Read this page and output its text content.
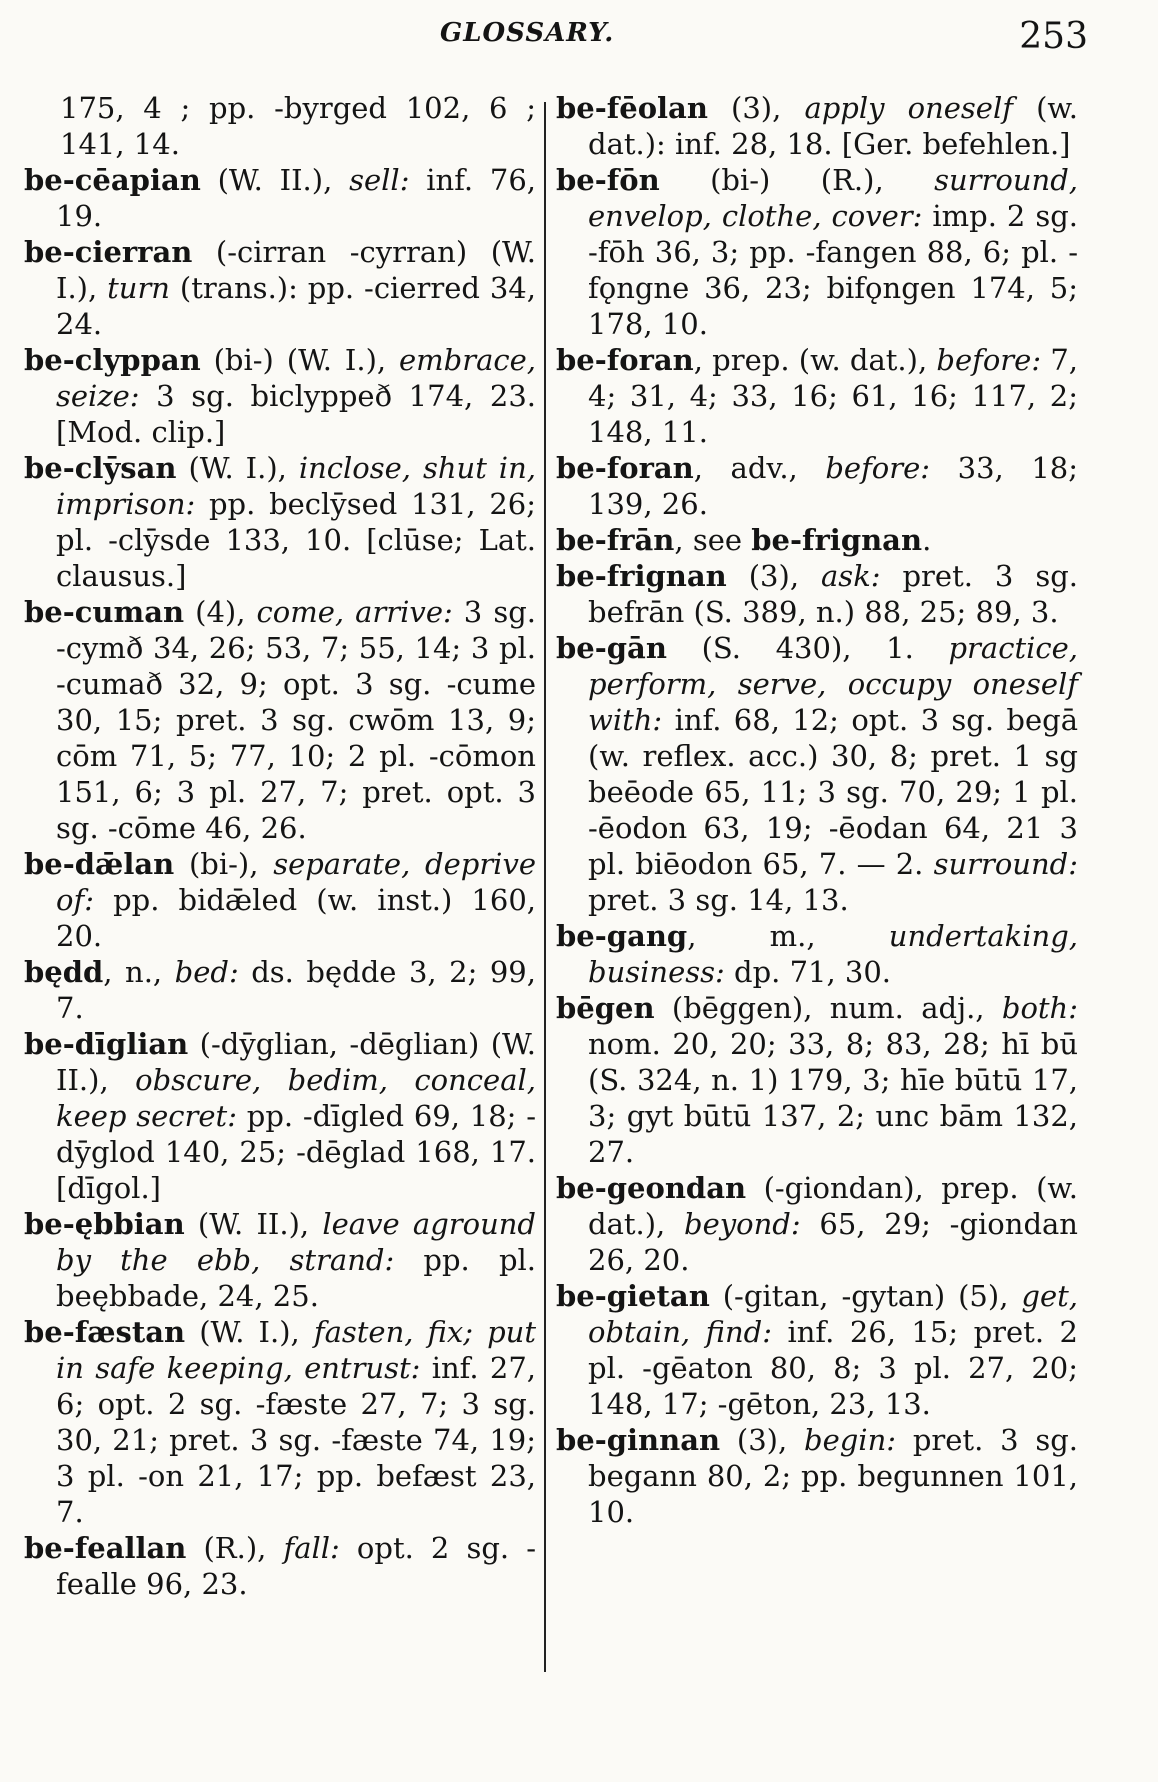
GLOSSARY.	253

175, 4 ; pp. -byrged 102, 6 ; 141, 14.

be-cēapian (W. II.), sell: inf. 76, 19.

be-cierran (-cirran -cyrran) (W. I.), turn (trans.): pp. -cierred 34, 24.

be-clyppan (bi-) (W. I.), embrace, seize: 3 sg. biclyppeð 174, 23. [Mod. clip.]

be-clȳsan (W. I.), inclose, shut in, imprison: pp. beclȳsed 131, 26; pl. -clȳsde 133, 10. [clūse; Lat. clausus.]

be-cuman (4), come, arrive: 3 sg. -cymð 34, 26; 53, 7; 55, 14; 3 pl. -cumað 32, 9; opt. 3 sg. -cume 30, 15; pret. 3 sg. cwōm 13, 9; cōm 71, 5; 77, 10; 2 pl. -cōmon 151, 6; 3 pl. 27, 7; pret. opt. 3 sg. -cōme 46, 26.

be-dǣlan (bi-), separate, deprive of: pp. bidǣled (w. inst.) 160, 20.

będd, n., bed: ds. będde 3, 2; 99, 7.

be-dīglian (-dȳglian, -dēglian) (W. II.), obscure, bedim, conceal, keep secret: pp. -dīgled 69, 18; -dȳglod 140, 25; -dēglad 168, 17. [dīgol.]

be-ębbian (W. II.), leave aground by the ebb, strand: pp. pl. beębbade, 24, 25.

be-fæstan (W. I.), fasten, fix; put in safe keeping, entrust: inf. 27, 6; opt. 2 sg. -fæste 27, 7; 3 sg. 30, 21; pret. 3 sg. -fæste 74, 19; 3 pl. -on 21, 17; pp. befæst 23, 7.

be-feallan (R.), fall: opt. 2 sg. -fealle 96, 23.

be-fēolan (3), apply oneself (w. dat.): inf. 28, 18. [Ger. befehlen.]

be-fōn (bi-) (R.), surround, envelop, clothe, cover: imp. 2 sg. -fōh 36, 3; pp. -fangen 88, 6; pl. -fǫngne 36, 23; bifǫngen 174, 5; 178, 10.

be-foran, prep. (w. dat.), before: 7, 4; 31, 4; 33, 16; 61, 16; 117, 2; 148, 11.

be-foran, adv., before: 33, 18; 139, 26.

be-frān, see be-frignan.

be-frignan (3), ask: pret. 3 sg. befrān (S. 389, n.) 88, 25; 89, 3.

be-gān (S. 430), 1. practice, perform, serve, occupy oneself with: inf. 68, 12; opt. 3 sg. begā (w. reflex. acc.) 30, 8; pret. 1 sg beēode 65, 11; 3 sg. 70, 29; 1 pl. -ēodon 63, 19; -ēodan 64, 21 3 pl. biēodon 65, 7. — 2. surround: pret. 3 sg. 14, 13.

be-gang, m., undertaking, business: dp. 71, 30.

bēgen (bēggen), num. adj., both: nom. 20, 20; 33, 8; 83, 28; hī bū (S. 324, n. 1) 179, 3; hīe būtū 17, 3; gyt būtū 137, 2; unc bām 132, 27.

be-geondan (-giondan), prep. (w. dat.), beyond: 65, 29; -giondan 26, 20.

be-gietan (-gitan, -gytan) (5), get, obtain, find: inf. 26, 15; pret. 2 pl. -gēaton 80, 8; 3 pl. 27, 20; 148, 17; -gēton, 23, 13.

be-ginnan (3), begin: pret. 3 sg. begann 80, 2; pp. begunnen 101, 10.
